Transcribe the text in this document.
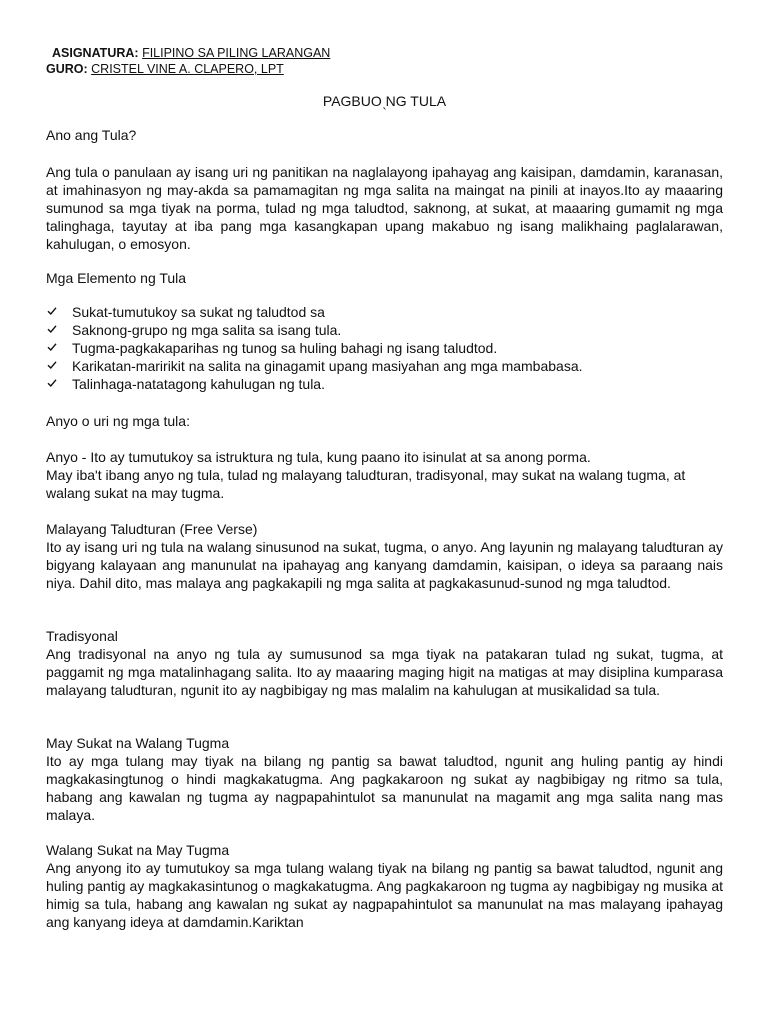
ASIGNATURA: FILIPINO SA PILING LARANGAN
GURO: CRISTEL VINE A. CLAPERO, LPT
PAGBUO NG TULA
`
Ano ang Tula?
Ang tula o panulaan ay isang uri ng panitikan na naglalayong ipahayag ang kaisipan, damdamin, karanasan, at imahinasyon ng may-akda sa pamamagitan ng mga salita na maingat na pinili at inayos.Ito ay maaaring sumunod sa mga tiyak na porma, tulad ng mga taludtod, saknong, at sukat, at maaaring gumamit ng mga talinghaga, tayutay at iba pang mga kasangkapan upang makabuo ng isang malikhaing paglalarawan, kahulugan, o emosyon.
Mga Elemento ng Tula
Sukat-tumutukoy sa sukat ng taludtod sa
Saknong-grupo ng mga salita sa isang tula.
Tugma-pagkakaparihas ng tunog sa huling bahagi ng isang taludtod.
Karikatan-maririkit na salita na ginagamit upang masiyahan ang mga mambabasa.
Talinhaga-natatagong kahulugan ng tula.
Anyo o uri ng mga tula:
Anyo - Ito ay tumutukoy sa istruktura ng tula, kung paano ito isinulat at sa anong porma.
May iba't ibang anyo ng tula, tulad ng malayang taludturan, tradisyonal, may sukat na walang tugma, at walang sukat na may tugma.
Malayang Taludturan (Free Verse)
Ito ay isang uri ng tula na walang sinusunod na sukat, tugma, o anyo. Ang layunin ng malayang taludturan ay bigyang kalayaan ang manunulat na ipahayag ang kanyang damdamin, kaisipan, o ideya sa paraang nais niya. Dahil dito, mas malaya ang pagkakapili ng mga salita at pagkakasunud-sunod ng mga taludtod.
Tradisyonal
Ang tradisyonal na anyo ng tula ay sumusunod sa mga tiyak na patakaran tulad ng sukat, tugma, at paggamit ng mga matalinhagang salita. Ito ay maaaring maging higit na matigas at may disiplina kumparasa malayang taludturan, ngunit ito ay nagbibigay ng mas malalim na kahulugan at musikalidad sa tula.
May Sukat na Walang Tugma
Ito ay mga tulang may tiyak na bilang ng pantig sa bawat taludtod, ngunit ang huling pantig ay hindi magkakasingtunog o hindi magkakatugma. Ang pagkakaroon ng sukat ay nagbibigay ng ritmo sa tula, habang ang kawalan ng tugma ay nagpapahintulot sa manunulat na magamit ang mga salita nang mas malaya.
Walang Sukat na May Tugma
Ang anyong ito ay tumutukoy sa mga tulang walang tiyak na bilang ng pantig sa bawat taludtod, ngunit ang huling pantig ay magkakasintunog o magkakatugma. Ang pagkakaroon ng tugma ay nagbibigay ng musika at himig sa tula, habang ang kawalan ng sukat ay nagpapahintulot sa manunulat na mas malayang ipahayag ang kanyang ideya at damdamin.Kariktan
